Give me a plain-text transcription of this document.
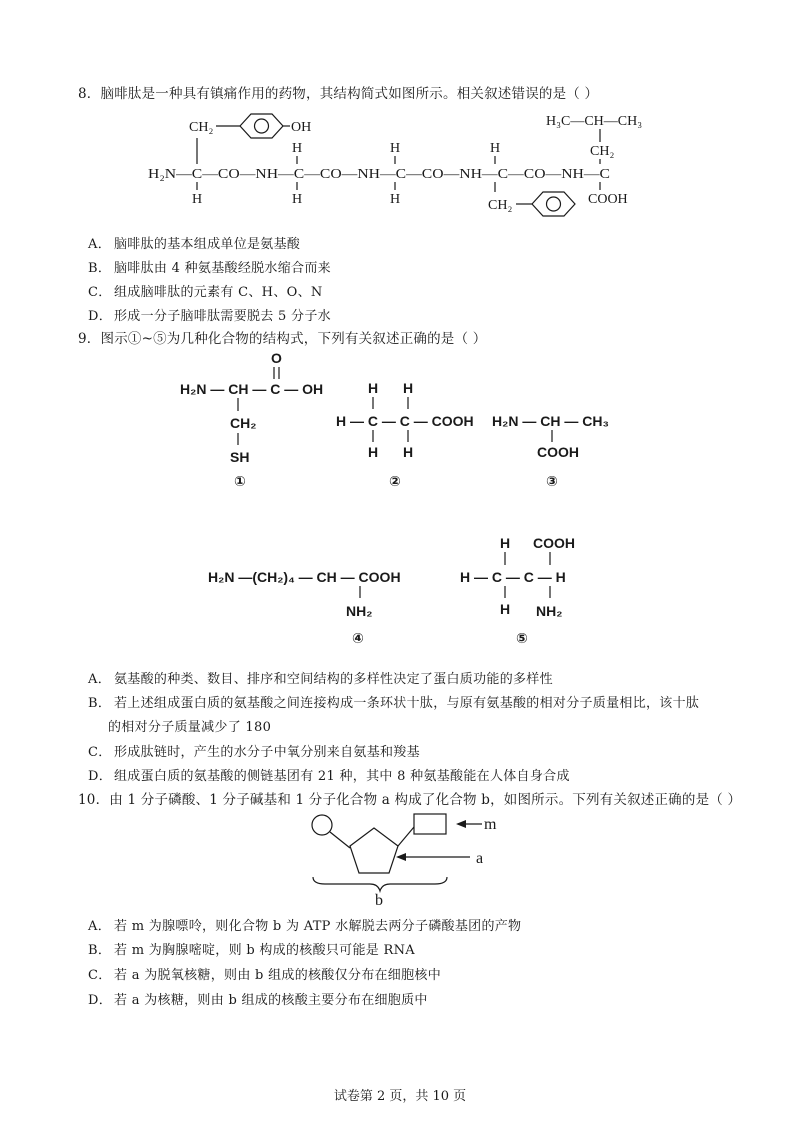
8．脑啡肽是一种具有镇痛作用的药物，其结构简式如图所示。相关叙述错误的是（ ）
CH₂	OH
H	H	H
H₃C—CH—CH₃
CH₂
H₂N—C—CO—NH—C—CO—NH—C—CO—NH—C—CO—NH—C
H	H	H	CH₂	COOH
A． 脑啡肽的基本组成单位是氨基酸
B． 脑啡肽由 4 种氨基酸经脱水缩合而来
C． 组成脑啡肽的元素有 C、H、O、N
D． 形成一分子脑啡肽需要脱去 5 分子水
9．图示①~⑤为几种化合物的结构式，下列有关叙述正确的是（ ）
O
H₂N — CH — C — OH
CH₂
SH
①
H H
H — C — C — COOH
H H
②
H₂N — CH — CH₃
COOH
③
H₂N —(CH₂)₄ — CH — COOH
NH₂
④
H COOH
H — C — C — H
H NH₂
⑤
A． 氨基酸的种类、数目、排序和空间结构的多样性决定了蛋白质功能的多样性
B． 若上述组成蛋白质的氨基酸之间连接构成一条环状十肽，与原有氨基酸的相对分子质量相比，该十肽
的相对分子质量减少了 180
C． 形成肽链时，产生的水分子中氧分别来自氨基和羧基
D． 组成蛋白质的氨基酸的侧链基团有 21 种，其中 8 种氨基酸能在人体自身合成
10．由 1 分子磷酸、1 分子碱基和 1 分子化合物 a 构成了化合物 b，如图所示。下列有关叙述正确的是（ ）
m
a
b
A． 若 m 为腺嘌呤，则化合物 b 为 ATP 水解脱去两分子磷酸基团的产物
B． 若 m 为胸腺嘧啶，则 b 构成的核酸只可能是 RNA
C． 若 a 为脱氧核糖，则由 b 组成的核酸仅分布在细胞核中
D． 若 a 为核糖，则由 b 组成的核酸主要分布在细胞质中
试卷第 2 页，共 10 页
